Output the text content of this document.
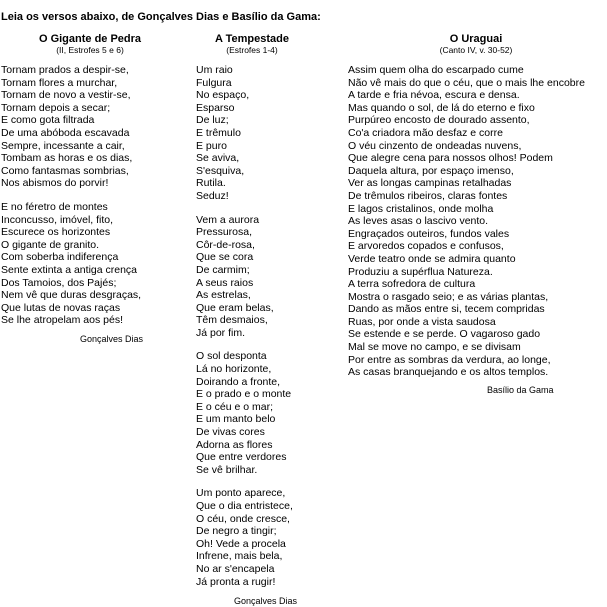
Leia os versos abaixo, de Gonçalves Dias e Basílio da Gama:
O Gigante de Pedra
(II, Estrofes 5 e 6)
Tornam prados a despir-se,
Tornam flores a murchar,
Tornam de novo a vestir-se,
Tornam depois a secar;
E como gota filtrada
De uma abóboda escavada
Sempre, incessante a cair,
Tombam as horas e os dias,
Como fantasmas sombrias,
Nos abismos do porvir!
E no féretro de montes
Inconcusso, imóvel, fito,
Escurece os horizontes
O gigante de granito.
Com soberba indiferença
Sente extinta a antiga crença
Dos Tamoios, dos Pajés;
Nem vê que duras desgraças,
Que lutas de novas raças
Se lhe atropelam aos pés!
Gonçalves Dias
A Tempestade
(Estrofes 1-4)
Um raio
Fulgura
No espaço,
Esparso
De luz;
E trêmulo
E puro
Se aviva,
S'esquiva,
Rutila.
Seduz!
Vem a aurora
Pressurosa,
Côr-de-rosa,
Que se cora
De carmim;
A seus raios
As estrelas,
Que eram belas,
Têm desmaios,
Já por fim.
O sol desponta
Lá no horizonte,
Doirando a fronte,
E o prado e o monte
E o céu e o mar;
E um manto belo
De vivas cores
Adorna as flores
Que entre verdores
Se vê brilhar.
Um ponto aparece,
Que o dia entristece,
O céu, onde cresce,
De negro a tingir;
Oh! Vede a procela
Infrene, mais bela,
No ar s'encapela
Já pronta a rugir!
Gonçalves Dias
O Uraguai
(Canto IV, v. 30-52)
Assim quem olha do escarpado cume
Não vê mais do que o céu, que o mais lhe encobre
A tarde e fria névoa, escura e densa.
Mas quando o sol, de lá do eterno e fixo
Purpúreo encosto de dourado assento,
Co'a criadora mão desfaz e corre
O véu cinzento de ondeadas nuvens,
Que alegre cena para nossos olhos! Podem
Daquela altura, por espaço imenso,
Ver as longas campinas retalhadas
De trêmulos ribeiros, claras fontes
E lagos cristalinos, onde molha
As leves asas o lascivo vento.
Engraçados outeiros, fundos vales
E arvoredos copados e confusos,
Verde teatro onde se admira quanto
Produziu a supérflua Natureza.
A terra sofredora de cultura
Mostra o rasgado seio; e as várias plantas,
Dando as mãos entre si, tecem compridas
Ruas, por onde a vista saudosa
Se estende e se perde. O vagaroso gado
Mal se move no campo, e se divisam
Por entre as sombras da verdura, ao longe,
As casas branquejando e os altos templos.
Basílio da Gama
